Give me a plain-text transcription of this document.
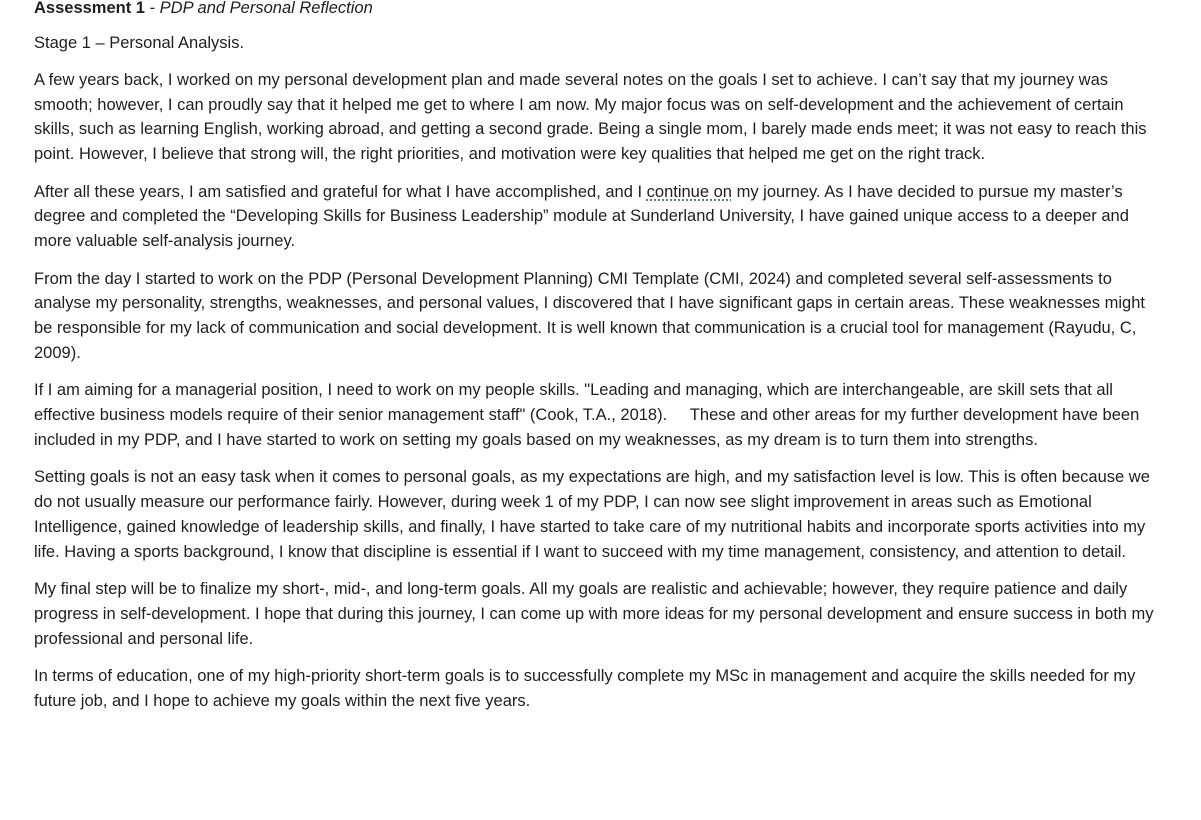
Assessment 1 - PDP and Personal Reflection

Stage 1 – Personal Analysis.

A few years back, I worked on my personal development plan and made several notes on the goals I set to achieve. I can’t say that my journey was smooth; however, I can proudly say that it helped me get to where I am now. My major focus was on self-development and the achievement of certain skills, such as learning English, working abroad, and getting a second grade. Being a single mom, I barely made ends meet; it was not easy to reach this point. However, I believe that strong will, the right priorities, and motivation were key qualities that helped me get on the right track.

After all these years, I am satisfied and grateful for what I have accomplished, and I continue on my journey. As I have decided to pursue my master’s degree and completed the “Developing Skills for Business Leadership” module at Sunderland University, I have gained unique access to a deeper and more valuable self-analysis journey.

From the day I started to work on the PDP (Personal Development Planning) CMI Template (CMI, 2024) and completed several self-assessments to analyse my personality, strengths, weaknesses, and personal values, I discovered that I have significant gaps in certain areas. These weaknesses might be responsible for my lack of communication and social development. It is well known that communication is a crucial tool for management (Rayudu, C, 2009).

If I am aiming for a managerial position, I need to work on my people skills. "Leading and managing, which are interchangeable, are skill sets that all effective business models require of their senior management staff" (Cook, T.A., 2018).     These and other areas for my further development have been included in my PDP, and I have started to work on setting my goals based on my weaknesses, as my dream is to turn them into strengths.

Setting goals is not an easy task when it comes to personal goals, as my expectations are high, and my satisfaction level is low. This is often because we do not usually measure our performance fairly. However, during week 1 of my PDP, I can now see slight improvement in areas such as Emotional Intelligence, gained knowledge of leadership skills, and finally, I have started to take care of my nutritional habits and incorporate sports activities into my life. Having a sports background, I know that discipline is essential if I want to succeed with my time management, consistency, and attention to detail.

My final step will be to finalize my short-, mid-, and long-term goals. All my goals are realistic and achievable; however, they require patience and daily progress in self-development. I hope that during this journey, I can come up with more ideas for my personal development and ensure success in both my professional and personal life.

In terms of education, one of my high-priority short-term goals is to successfully complete my MSc in management and acquire the skills needed for my future job, and I hope to achieve my goals within the next five years.
